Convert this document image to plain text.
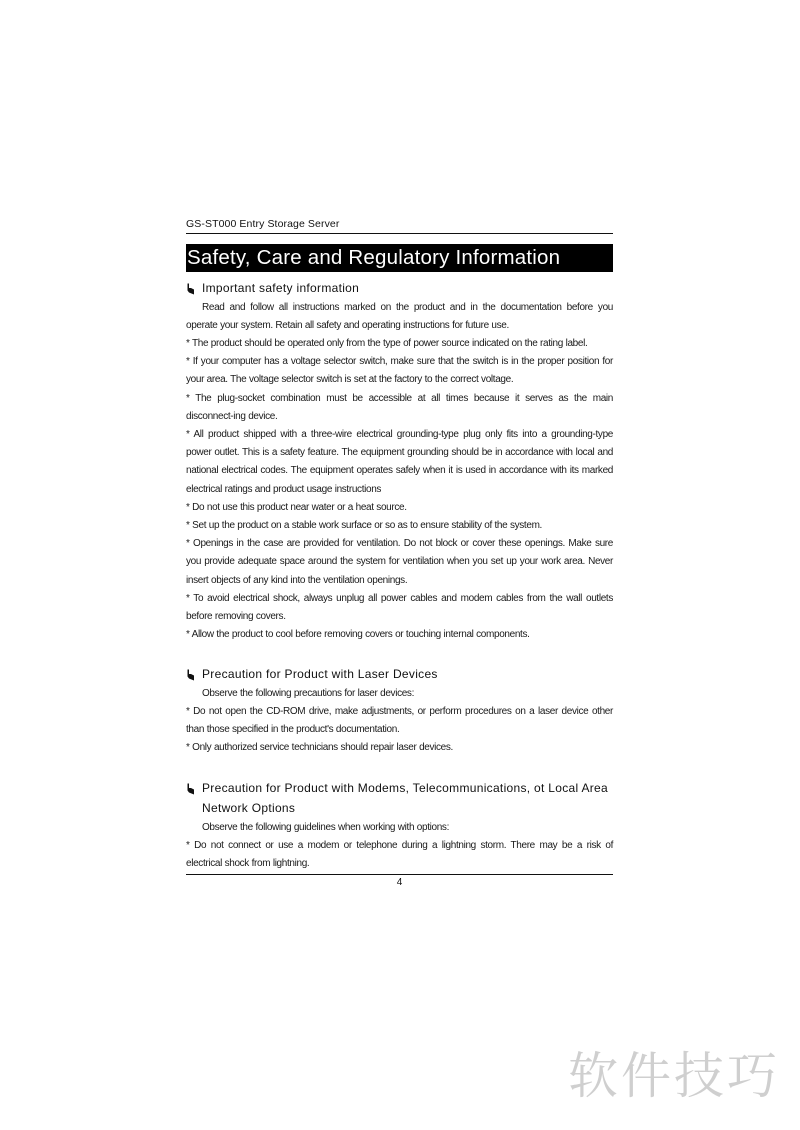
GS-ST000 Entry Storage Server
Safety, Care and Regulatory Information
Important safety information
Read and follow all instructions marked on the product and in the documentation before you operate your system. Retain all safety and operating instructions for future use.
* The product should be operated only from the type of power source indicated on the rating label.
* If your computer has a voltage selector switch, make sure that the switch is in the proper position for your area. The voltage selector switch is set at the factory to the correct voltage.
* The plug-socket combination must be accessible at all times because it serves as the main disconnect-ing device.
* All product shipped with a three-wire electrical grounding-type plug only fits into a grounding-type power outlet. This is a safety feature. The equipment grounding should be in accordance with local and national electrical codes. The equipment operates safely when it is used in accordance with its marked electrical ratings and product usage instructions
* Do not use this product near water or a heat source.
* Set up the product on a stable work surface or so as to ensure stability of the system.
* Openings in the case are provided for ventilation. Do not block or cover these openings. Make sure you provide adequate space around the system for ventilation when you set up your work area. Never insert objects of any kind into the ventilation openings.
* To avoid electrical shock, always unplug all power cables and modem cables from the wall outlets before removing covers.
* Allow the product to cool before removing covers or touching internal components.
Precaution for Product with Laser Devices
Observe the following precautions for laser devices:
* Do not open the CD-ROM drive, make adjustments, or perform procedures on a laser device other than those specified in the product's documentation.
* Only authorized service technicians should repair laser devices.
Precaution for Product with Modems, Telecommunications, ot Local Area
Network Options
Observe the following guidelines when working with options:
* Do not connect or use a modem or telephone during a lightning storm. There may be a risk of electrical shock from lightning.
4
软件技巧
